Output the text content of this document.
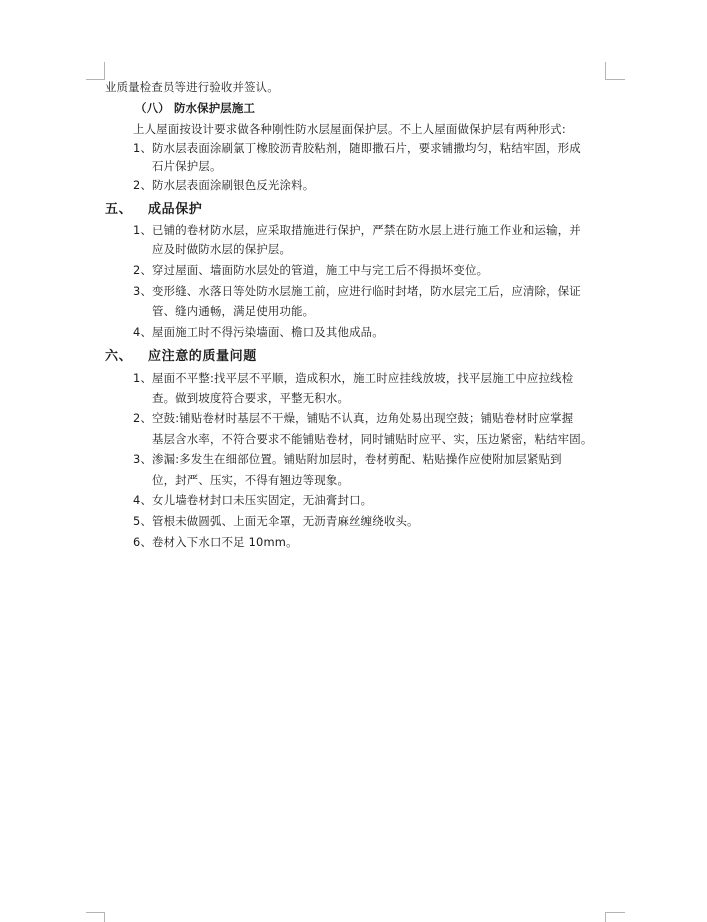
业质量检查员等进行验收并签认。
（八） 防水保护层施工
上人屋面按设计要求做各种刚性防水层屋面保护层。不上人屋面做保护层有两种形式:
1、防水层表面涂刷氯丁橡胶沥青胶粘剂，随即撒石片，要求铺撒均匀，粘结牢固，形成
石片保护层。
2、防水层表面涂刷银色反光涂料。
五、 成品保护
1、已铺的卷材防水层，应采取措施进行保护，严禁在防水层上进行施工作业和运输，并
应及时做防水层的保护层。
2、穿过屋面、墙面防水层处的管道，施工中与完工后不得损坏变位。
3、变形缝、水落日等处防水层施工前，应进行临时封堵，防水层完工后，应清除，保证
管、缝内通畅，满足使用功能。
4、屋面施工时不得污染墙面、檐口及其他成品。
六、 应注意的质量问题
1、屋面不平整:找平层不平顺，造成积水，施工时应挂线放坡，找平层施工中应拉线检
查。做到坡度符合要求，平整无积水。
2、空鼓:铺贴卷材时基层不干燥，铺贴不认真，边角处易出现空鼓；铺贴卷材时应掌握
基层含水率，不符合要求不能铺贴卷材，同时铺贴时应平、实，压边紧密，粘结牢固。
3、渗漏:多发生在细部位置。铺贴附加层时，卷材剪配、粘贴操作应使附加层紧贴到
位，封严、压实，不得有翘边等现象。
4、女儿墙卷材封口未压实固定，无油膏封口。
5、管根未做圆弧、上面无伞罩，无沥青麻丝缠绕收头。
6、卷材入下水口不足 10mm。
